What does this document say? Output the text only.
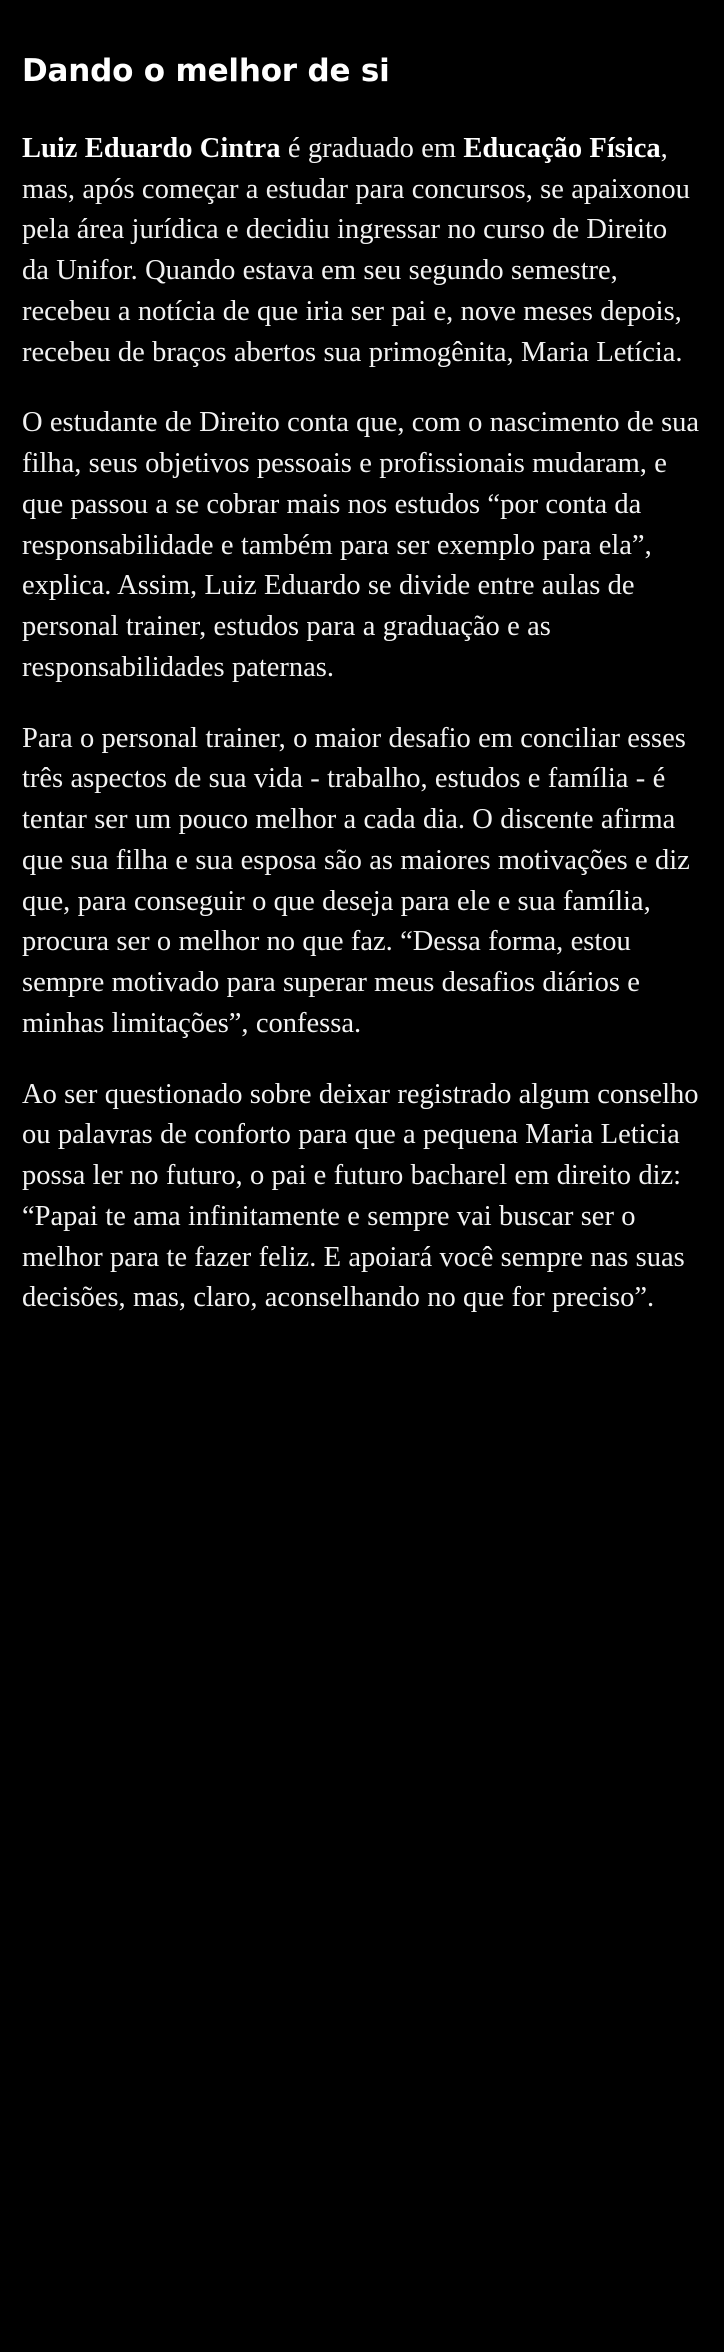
Dando o melhor de si

Luiz Eduardo Cintra é graduado em Educação Física, mas, após começar a estudar para concursos, se apaixonou pela área jurídica e decidiu ingressar no curso de Direito da Unifor. Quando estava em seu segundo semestre, recebeu a notícia de que iria ser pai e, nove meses depois, recebeu de braços abertos sua primogênita, Maria Letícia.

O estudante de Direito conta que, com o nascimento de sua filha, seus objetivos pessoais e profissionais mudaram, e que passou a se cobrar mais nos estudos “por conta da responsabilidade e também para ser exemplo para ela”, explica. Assim, Luiz Eduardo se divide entre aulas de personal trainer, estudos para a graduação e as responsabilidades paternas.

Para o personal trainer, o maior desafio em conciliar esses três aspectos de sua vida - trabalho, estudos e família - é tentar ser um pouco melhor a cada dia. O discente afirma que sua filha e sua esposa são as maiores motivações e diz que, para conseguir o que deseja para ele e sua família, procura ser o melhor no que faz. “Dessa forma, estou sempre motivado para superar meus desafios diários e minhas limitações”, confessa.

Ao ser questionado sobre deixar registrado algum conselho ou palavras de conforto para que a pequena Maria Leticia possa ler no futuro, o pai e futuro bacharel em direito diz: “Papai te ama infinitamente e sempre vai buscar ser o melhor para te fazer feliz. E apoiará você sempre nas suas decisões, mas, claro, aconselhando no que for preciso”.
